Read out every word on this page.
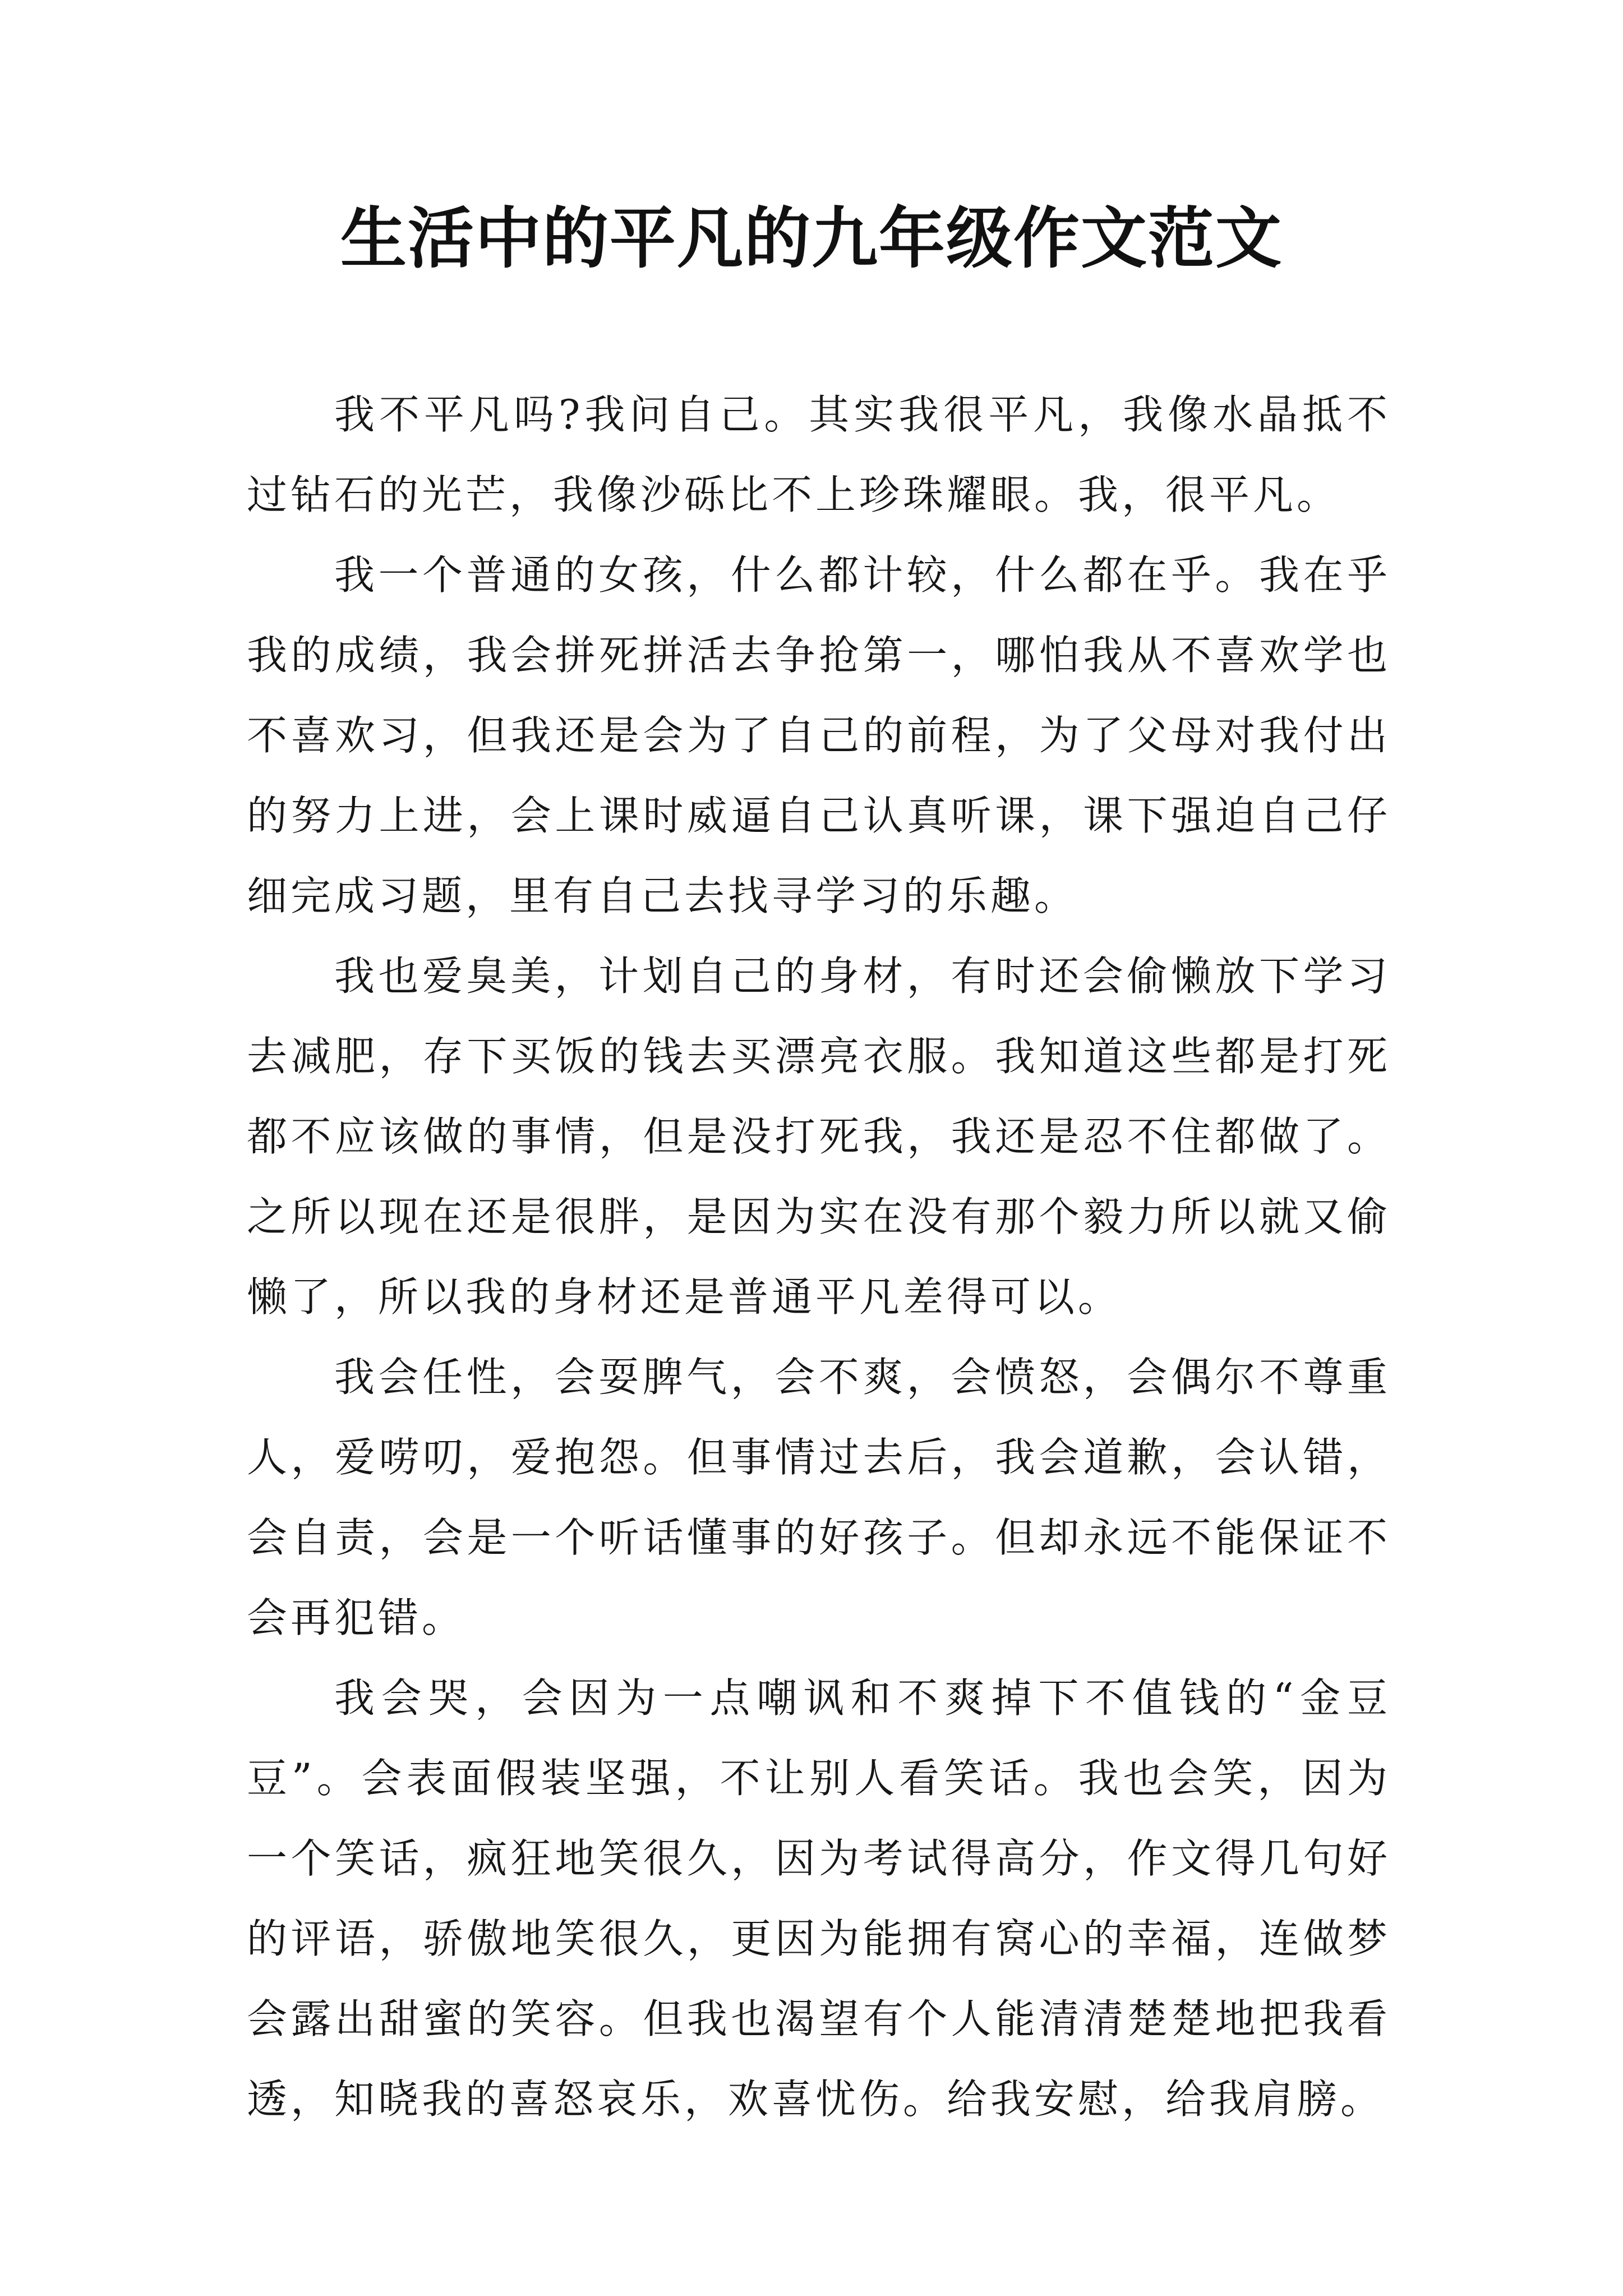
生活中的平凡的九年级作文范文

我不平凡吗?我问自己。其实我很平凡，我像水晶抵不过钻石的光芒，我像沙砾比不上珍珠耀眼。我，很平凡。

我一个普通的女孩，什么都计较，什么都在乎。我在乎我的成绩，我会拼死拼活去争抢第一，哪怕我从不喜欢学也不喜欢习，但我还是会为了自己的前程，为了父母对我付出的努力上进，会上课时威逼自己认真听课，课下强迫自己仔细完成习题，里有自己去找寻学习的乐趣。

我也爱臭美，计划自己的身材，有时还会偷懒放下学习去减肥，存下买饭的钱去买漂亮衣服。我知道这些都是打死都不应该做的事情，但是没打死我，我还是忍不住都做了。之所以现在还是很胖，是因为实在没有那个毅力所以就又偷懒了，所以我的身材还是普通平凡差得可以。

我会任性，会耍脾气，会不爽，会愤怒，会偶尔不尊重人，爱唠叨，爱抱怨。但事情过去后，我会道歉，会认错，会自责，会是一个听话懂事的好孩子。但却永远不能保证不会再犯错。

我会哭，会因为一点嘲讽和不爽掉下不值钱的“金豆豆”。会表面假装坚强，不让别人看笑话。我也会笑，因为一个笑话，疯狂地笑很久，因为考试得高分，作文得几句好的评语，骄傲地笑很久，更因为能拥有窝心的幸福，连做梦会露出甜蜜的笑容。但我也渴望有个人能清清楚楚地把我看透，知晓我的喜怒哀乐，欢喜忧伤。给我安慰，给我肩膀。
